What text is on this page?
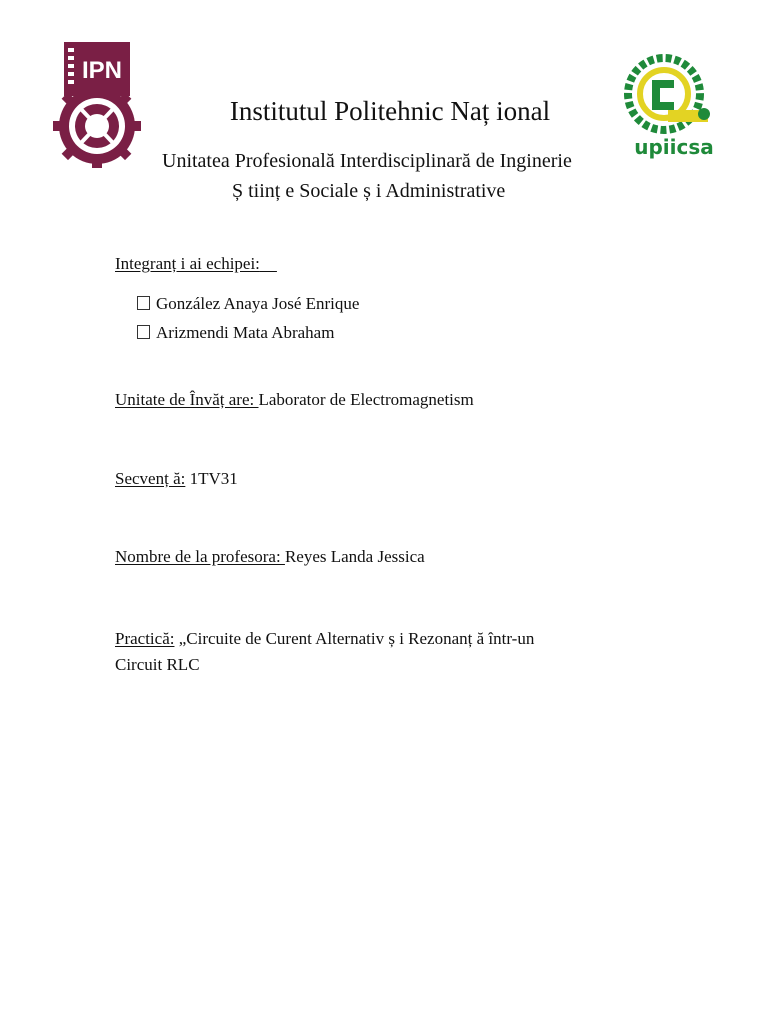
IPN
upiicsa
Institutul Politehnic Naț ional
Unitatea Profesională Interdisciplinară de Inginerie
Ș tiinț e Sociale ș i Administrative
Integranț i ai echipei:
González Anaya José Enrique
Arizmendi Mata Abraham
Unitate de Învăț are: Laborator de Electromagnetism
Secvenț ă: 1TV31
Nombre de la profesora: Reyes Landa Jessica
Practică: „Circuite de Curent Alternativ ș i Rezonanț ă într-un
Circuit RLC
